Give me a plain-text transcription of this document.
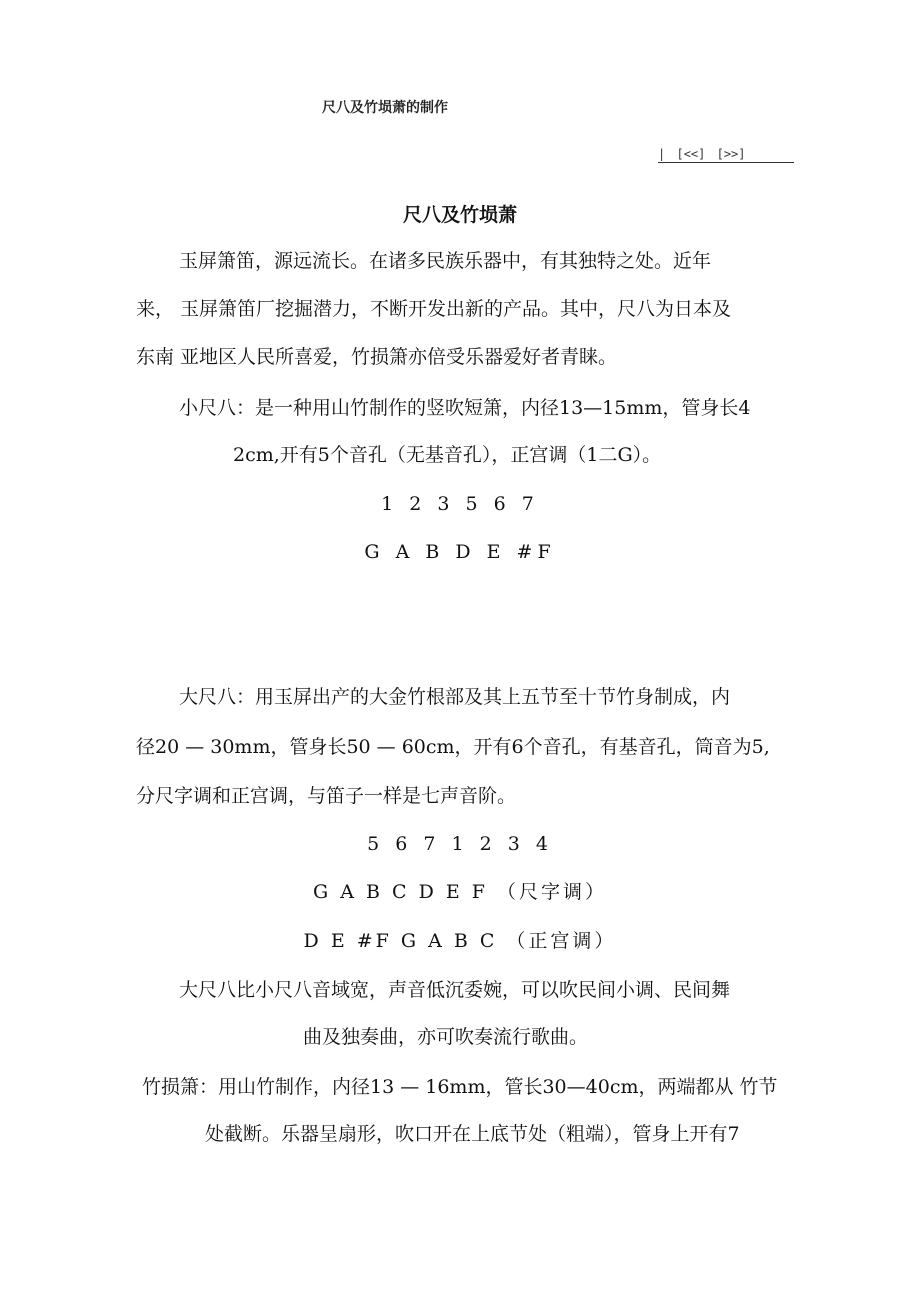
尺八及竹埙萧的制作
| [<<] [>>]
尺八及竹埙萧
玉屏箫笛，源远流长。在诸多民族乐器中，有其独特之处。近年
来， 玉屏箫笛厂挖掘潜力，不断开发出新的产品。其中，尺八为日本及
东南 亚地区人民所喜爱，竹损箫亦倍受乐器爱好者青睐。
小尺八：是一种用山竹制作的竖吹短箫，内径13—15mm，管身长4
2cm,开有5个音孔（无基音孔），正宫调（1二G）。
1 2 3 5 6 7
G A B D E #F
大尺八：用玉屏出产的大金竹根部及其上五节至十节竹身制成，内
径20 — 30mm，管身长50 — 60cm，开有6个音孔，有基音孔，筒音为5,
分尺字调和正宫调，与笛子一样是七声音阶。
5 6 7 1 2 3 4
G A B C D E F （尺字调）
D E #F G A B C （正宫调）
大尺八比小尺八音域宽，声音低沉委婉，可以吹民间小调、民间舞
曲及独奏曲，亦可吹奏流行歌曲。
竹损箫：用山竹制作，内径13 — 16mm，管长30—40cm，两端都从 竹节
处截断。乐器呈扇形，吹口开在上底节处（粗端），管身上开有7
